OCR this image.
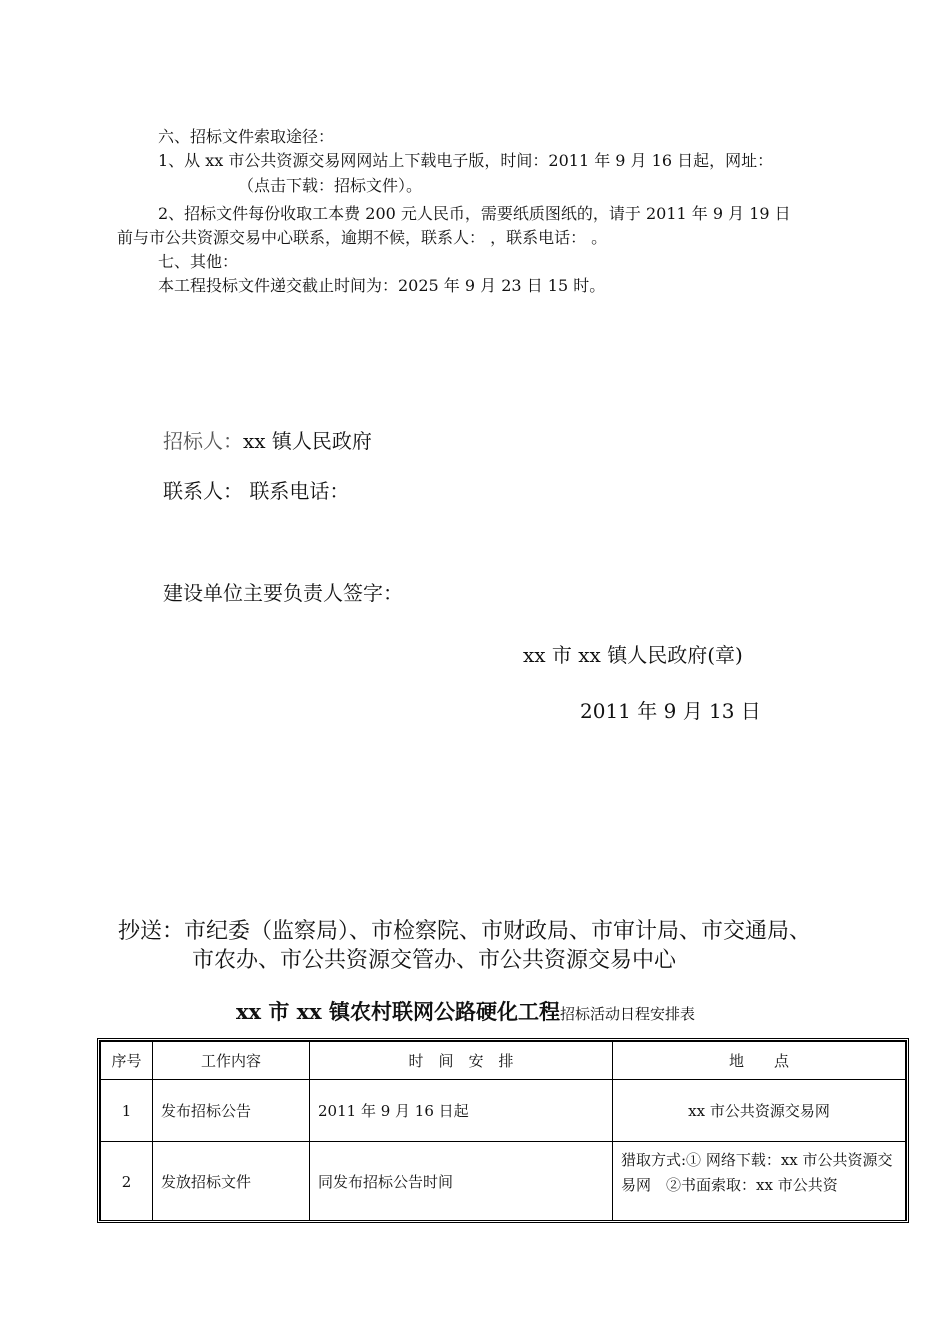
六、招标文件索取途径：
1、从 xx 市公共资源交易网网站上下载电子版，时间：2011 年 9 月 16 日起，网址：
（点击下载：招标文件）。
2、招标文件每份收取工本费 200 元人民币，需要纸质图纸的，请于 2011 年 9 月 19 日
前与市公共资源交易中心联系，逾期不候，联系人： ，联系电话： 。
七、其他：
本工程投标文件递交截止时间为：2025 年 9 月 23 日 15 时。
招标人：xx 镇人民政府
联系人： 联系电话：
建设单位主要负责人签字：
xx 市 xx 镇人民政府(章)
2011 年 9 月 13 日
抄送：市纪委（监察局）、市检察院、市财政局、市审计局、市交通局、
市农办、市公共资源交管办、市公共资源交易中心
xx 市 xx 镇农村联网公路硬化工程招标活动日程安排表
序号	工作内容	时　间　安　排	地　　点
1	发布招标公告	2011 年 9 月 16 日起	xx 市公共资源交易网
2	发放招标文件	同发布招标公告时间	猎取方式:① 网络下载：xx 市公共资源交易网　②书面索取：xx 市公共资
